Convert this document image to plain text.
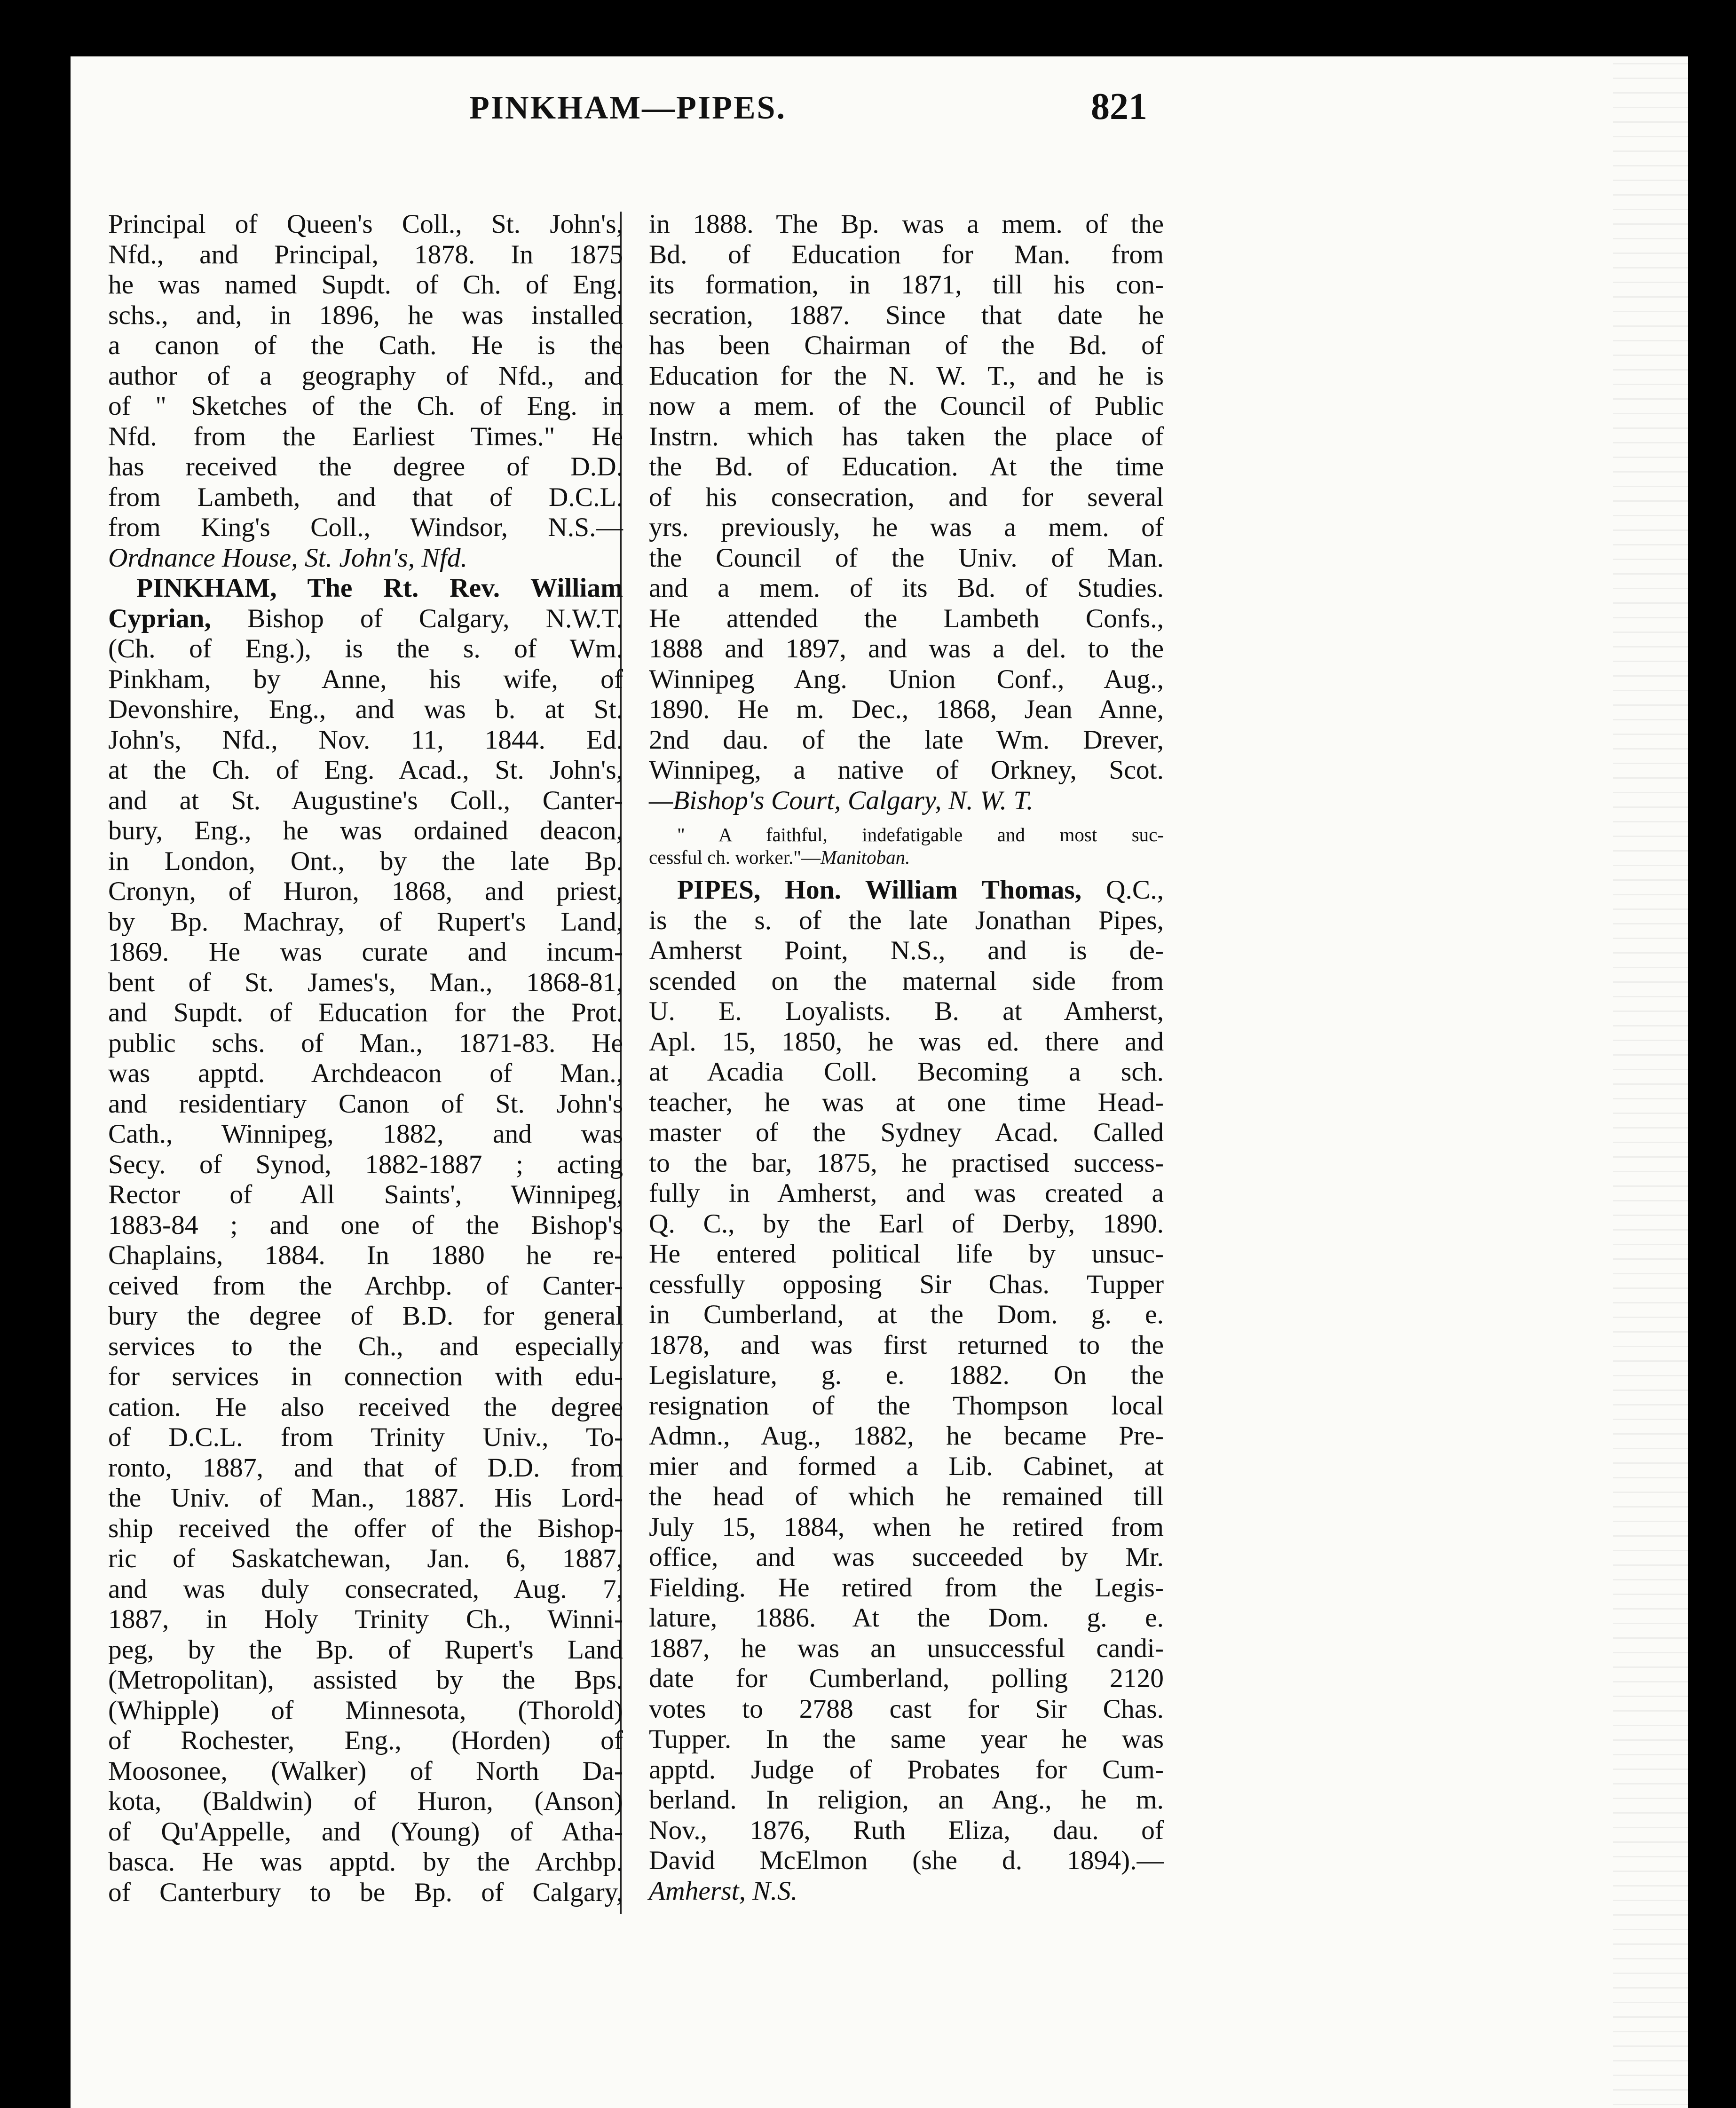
PINKHAM—PIPES.	821
Principal of Queen's Coll., St. John's,
Nfd., and Principal, 1878. In 1875
he was named Supdt. of Ch. of Eng.
schs., and, in 1896, he was installed
a canon of the Cath. He is the
author of a geography of Nfd., and
of " Sketches of the Ch. of Eng. in
Nfd. from the Earliest Times." He
has received the degree of D.D.
from Lambeth, and that of D.C.L.
from King's Coll., Windsor, N.S.—
Ordnance House, St. John's, Nfd.
PINKHAM, The Rt. Rev. William
Cyprian, Bishop of Calgary, N.W.T.
(Ch. of Eng.), is the s. of Wm.
Pinkham, by Anne, his wife, of
Devonshire, Eng., and was b. at St.
John's, Nfd., Nov. 11, 1844. Ed.
at the Ch. of Eng. Acad., St. John's,
and at St. Augustine's Coll., Canter-
bury, Eng., he was ordained deacon,
in London, Ont., by the late Bp.
Cronyn, of Huron, 1868, and priest,
by Bp. Machray, of Rupert's Land,
1869. He was curate and incum-
bent of St. James's, Man., 1868-81,
and Supdt. of Education for the Prot.
public schs. of Man., 1871-83. He
was apptd. Archdeacon of Man.,
and residentiary Canon of St. John's
Cath., Winnipeg, 1882, and was
Secy. of Synod, 1882-1887 ; acting
Rector of All Saints', Winnipeg,
1883-84 ; and one of the Bishop's
Chaplains, 1884. In 1880 he re-
ceived from the Archbp. of Canter-
bury the degree of B.D. for general
services to the Ch., and especially
for services in connection with edu-
cation. He also received the degree
of D.C.L. from Trinity Univ., To-
ronto, 1887, and that of D.D. from
the Univ. of Man., 1887. His Lord-
ship received the offer of the Bishop-
ric of Saskatchewan, Jan. 6, 1887,
and was duly consecrated, Aug. 7,
1887, in Holy Trinity Ch., Winni-
peg, by the Bp. of Rupert's Land
(Metropolitan), assisted by the Bps.
(Whipple) of Minnesota, (Thorold)
of Rochester, Eng., (Horden) of
Moosonee, (Walker) of North Da-
kota, (Baldwin) of Huron, (Anson)
of Qu'Appelle, and (Young) of Atha-
basca. He was apptd. by the Archbp.
of Canterbury to be Bp. of Calgary,
in 1888. The Bp. was a mem. of the
Bd. of Education for Man. from
its formation, in 1871, till his con-
secration, 1887. Since that date he
has been Chairman of the Bd. of
Education for the N. W. T., and he is
now a mem. of the Council of Public
Instrn. which has taken the place of
the Bd. of Education. At the time
of his consecration, and for several
yrs. previously, he was a mem. of
the Council of the Univ. of Man.
and a mem. of its Bd. of Studies.
He attended the Lambeth Confs.,
1888 and 1897, and was a del. to the
Winnipeg Ang. Union Conf., Aug.,
1890. He m. Dec., 1868, Jean Anne,
2nd dau. of the late Wm. Drever,
Winnipeg, a native of Orkney, Scot.
—Bishop's Court, Calgary, N. W. T.
" A faithful, indefatigable and most suc-
cessful ch. worker."—Manitoban.
PIPES, Hon. William Thomas, Q.C.,
is the s. of the late Jonathan Pipes,
Amherst Point, N.S., and is de-
scended on the maternal side from
U. E. Loyalists. B. at Amherst,
Apl. 15, 1850, he was ed. there and
at Acadia Coll. Becoming a sch.
teacher, he was at one time Head-
master of the Sydney Acad. Called
to the bar, 1875, he practised success-
fully in Amherst, and was created a
Q. C., by the Earl of Derby, 1890.
He entered political life by unsuc-
cessfully opposing Sir Chas. Tupper
in Cumberland, at the Dom. g. e.
1878, and was first returned to the
Legislature, g. e. 1882. On the
resignation of the Thompson local
Admn., Aug., 1882, he became Pre-
mier and formed a Lib. Cabinet, at
the head of which he remained till
July 15, 1884, when he retired from
office, and was succeeded by Mr.
Fielding. He retired from the Legis-
lature, 1886. At the Dom. g. e.
1887, he was an unsuccessful candi-
date for Cumberland, polling 2120
votes to 2788 cast for Sir Chas.
Tupper. In the same year he was
apptd. Judge of Probates for Cum-
berland. In religion, an Ang., he m.
Nov., 1876, Ruth Eliza, dau. of
David McElmon (she d. 1894).—
Amherst, N.S.
